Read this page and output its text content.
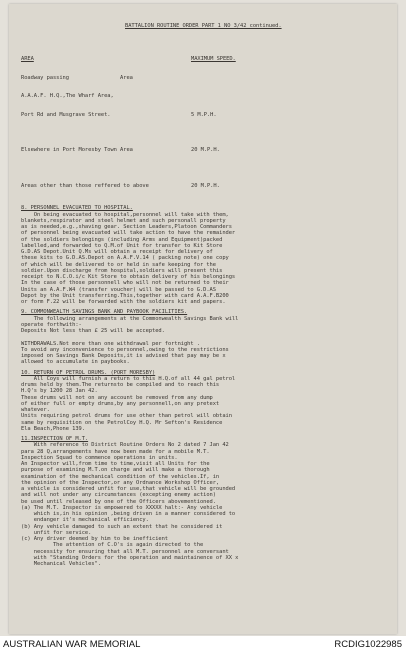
BATTALION ROUTINE ORDER PART 1 NO 3/42 continued.

AREA	MAXIMUM SPEED.

Roadway passing                Area

A.A.A.F. H.Q.,The Wharf Area,

Port Rd and Musgrave Street.	5 M.P.H.

Elsewhere in Port Moresby Town Area	20 M.P.H.

Areas other than those reffered to above	20 M.P.H.

8. PERSONNEL EVACUATED TO HOSPITAL.
On being evacuated to hospital,personnel will take with them,
blankets,respirator and steel helmet and such personall property
as is needed,e.g.,shaving gear. Section Leaders,Platoon Commanders
of personnel being evacuated will take action to have the remainder
of the soldiers belongings (including Arms and Equipment)packed
labelled,and forwarded to Q.M.of Unit for transfer to Kit Store
G.D.AS Depot.Unit Q.Ms will obtain a receipt for delivery of
these kits to G.D.AS.Depot on A.A.F.V.14 ( packing note) one copy
of which will be delivered to or held in safe keeping for the
soldier.Upon discharge from hospital,soldiers will present this
receipt to N.C.O.i/c Kit Store to obtain delivery of his belongings
In the case of those personnell who will not be returned to their
Units an A.A.F.W4 (transfer voucher) will be passed to G.D.AS
Depot by the Unit transferring.This,together with card A.A.F.B200
or form F.22 will be forwarded with the soldiers kit and papers.
9. COMMONWEALTH SAVINGS BANK AND PAYBOOK FACILITIES.
The following arrangements at the Commonwealth Savings Bank will
operate forthwith:-
Deposits Not less than £ 25 will be accepted.
WITHDRAWALS.Not more than one withdrawal per fortnight .
To avoid any inconvenience to personnel,owing to the restrictions
imposed on Savings Bank Deposits,it is advised that pay may be x
allowed to accumulate in paybooks.
10. RETURN OF PETROL DRUMS. (PORT MORESBY)
All Coys will furnish a return to this H.Q.of all 44 gal petrol
drums held by them.The returnsto be compiled and to reach this
H.Q's by 1200 28 Jan 42.
These drums will not on any account be removed from any dump
of either full or empty drums,by any personnell,on any pretext
whatever.
Units requiring petrol drums for use other than petrol will obtain
same by requisition on the PetrolCoy H.Q. Mr Sefton's Residence
Ela Beach,Phone 139.
11.INSPECTION OF M.T.
With reference to District Routine Orders No 2 dated 7 Jan 42
para 28 Q,arrangements have now been made for a mobile M.T.
Inspection Squad to commence operations in units.
An Inspector will,from time to time,visit all Units for the
purpose of examining M.T.on charge and will make a thorough
examination of the mechanical condition of the vehicles.If, in
the opinion of the Inspector,or any Ordnance Workshop Officer,
a vehicle is considered unfit for use,that vehicle will be grounded
and will not under any circumstances (excepting enemy action)
be used until released by one of the Officers abovementioned.
(a) The M.T. Inspector is empowered to XXXXX halt:- Any vehicle
which is,in his opinion ,being driven in a manner considered to
endanger it's mechanical efficiency.
(b) Any vehicle damaged to such an extent that he considered it
unfit for service.
(c) Any driver deemed by him to be inefficient
The attention of C.O's is again directed to the
necessity for ensuring that all M.T. personnel are conversant
with "Standing Orders for the operation and maintainence of XX x
Mechanical Vehicles".

AUSTRALIAN WAR MEMORIAL	RCDIG1022985
